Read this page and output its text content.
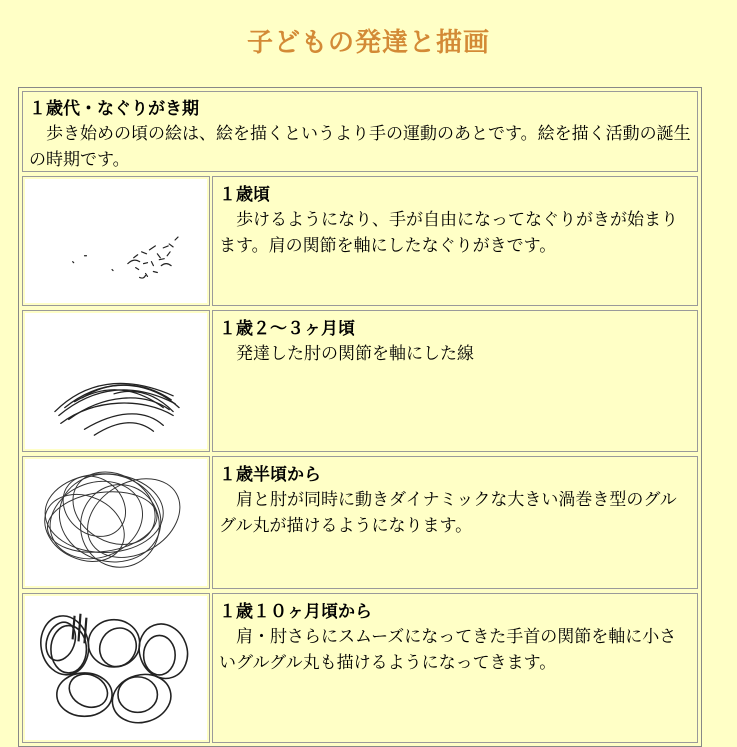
子どもの発達と描画
１歳代・なぐりがき期
歩き始めの頃の絵は、絵を描くというより手の運動のあとです。絵を描く活動の誕生の時期です。
１歳頃
歩けるようになり、手が自由になってなぐりがきが始まります。肩の関節を軸にしたなぐりがきです。
１歳２〜３ヶ月頃
発達した肘の関節を軸にした線
１歳半頃から
肩と肘が同時に動きダイナミックな大きい渦巻き型のグルグル丸が描けるようになります。
１歳１０ヶ月頃から
肩・肘さらにスムーズになってきた手首の関節を軸に小さいグルグル丸も描けるようになってきます。
